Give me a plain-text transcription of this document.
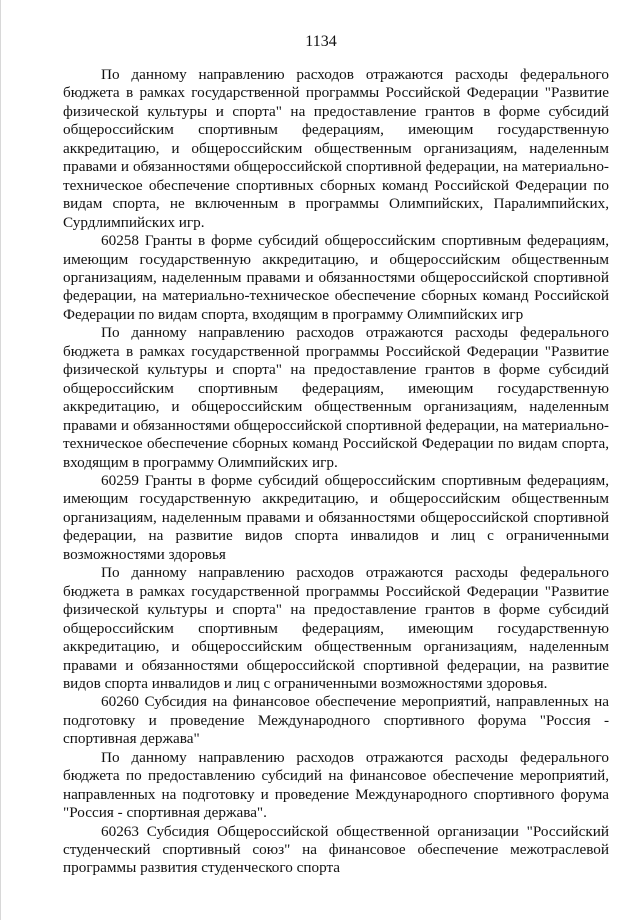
1134

По данному направлению расходов отражаются расходы федерального бюджета в рамках государственной программы Российской Федерации "Развитие физической культуры и спорта" на предоставление грантов в форме субсидий общероссийским спортивным федерациям, имеющим государственную аккредитацию, и общероссийским общественным организациям, наделенным правами и обязанностями общероссийской спортивной федерации, на материально-техническое обеспечение спортивных сборных команд Российской Федерации по видам спорта, не включенным в программы Олимпийских, Паралимпийских, Сурдлимпийских игр.

60258 Гранты в форме субсидий общероссийским спортивным федерациям, имеющим государственную аккредитацию, и общероссийским общественным организациям, наделенным правами и обязанностями общероссийской спортивной федерации, на материально-техническое обеспечение сборных команд Российской Федерации по видам спорта, входящим в программу Олимпийских игр

По данному направлению расходов отражаются расходы федерального бюджета в рамках государственной программы Российской Федерации "Развитие физической культуры и спорта" на предоставление грантов в форме субсидий общероссийским спортивным федерациям, имеющим государственную аккредитацию, и общероссийским общественным организациям, наделенным правами и обязанностями общероссийской спортивной федерации, на материально-техническое обеспечение сборных команд Российской Федерации по видам спорта, входящим в программу Олимпийских игр.

60259 Гранты в форме субсидий общероссийским спортивным федерациям, имеющим государственную аккредитацию, и общероссийским общественным организациям, наделенным правами и обязанностями общероссийской спортивной федерации, на развитие видов спорта инвалидов и лиц с ограниченными возможностями здоровья

По данному направлению расходов отражаются расходы федерального бюджета в рамках государственной программы Российской Федерации "Развитие физической культуры и спорта" на предоставление грантов в форме субсидий общероссийским спортивным федерациям, имеющим государственную аккредитацию, и общероссийским общественным организациям, наделенным правами и обязанностями общероссийской спортивной федерации, на развитие видов спорта инвалидов и лиц с ограниченными возможностями здоровья.

60260 Субсидия на финансовое обеспечение мероприятий, направленных на подготовку и проведение Международного спортивного форума "Россия - спортивная держава"

По данному направлению расходов отражаются расходы федерального бюджета по предоставлению субсидий на финансовое обеспечение мероприятий, направленных на подготовку и проведение Международного спортивного форума "Россия - спортивная держава".

60263 Субсидия Общероссийской общественной организации "Российский студенческий спортивный союз" на финансовое обеспечение межотраслевой программы развития студенческого спорта
